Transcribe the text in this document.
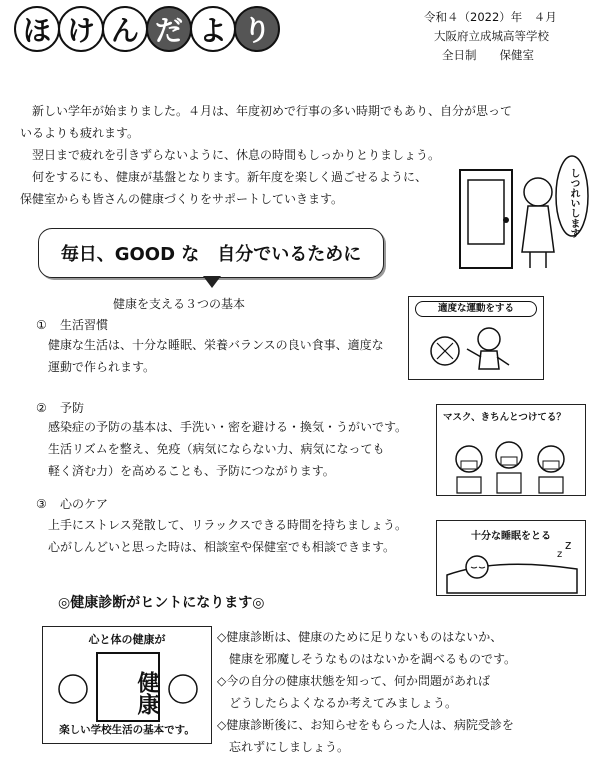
ほ け ん だ よ り	令和４（2022）年　４月
大阪府立成城高等学校
全日制　　保健室

　新しい学年が始まりました。４月は、年度初めで行事の多い時期でもあり、自分が思って

いるよりも疲れます。

　翌日まで疲れを引きずらないように、休息の時間もしっかりとりましょう。

　何をするにも、健康が基盤となります。新年度を楽しく過ごせるように、

保健室からも皆さんの健康づくりをサポートしていきます。	しつれいします
毎日、GOOD な　自分でいるために
健康を支える３つの基本
① 生活習慣

健康な生活は、十分な睡眠、栄養バランスの良い食事、適度な

運動で作られます。

適度な運動をする
② 予防

感染症の予防の基本は、手洗い・密を避ける・換気・うがいです。

生活リズムを整え、免疫（病気にならない力、病気になっても

軽く済む力）を高めることも、予防につながります。

マスク、きちんとつけてる？
③ 心のケア

上手にストレス発散して、リラックスできる時間を持ちましょう。

心がしんどいと思った時は、相談室や保健室でも相談できます。

十分な睡眠をとる
z
z
◎健康診断がヒントになります◎
心と体の健康が
健康
楽しい学校生活の基本です。

◇健康診断は、健康のために足りないものはないか、

健康を邪魔しそうなものはないかを調べるものです。

◇今の自分の健康状態を知って、何か問題があれば

どうしたらよくなるか考えてみましょう。

◇健康診断後に、お知らせをもらった人は、病院受診を

忘れずにしましょう。
